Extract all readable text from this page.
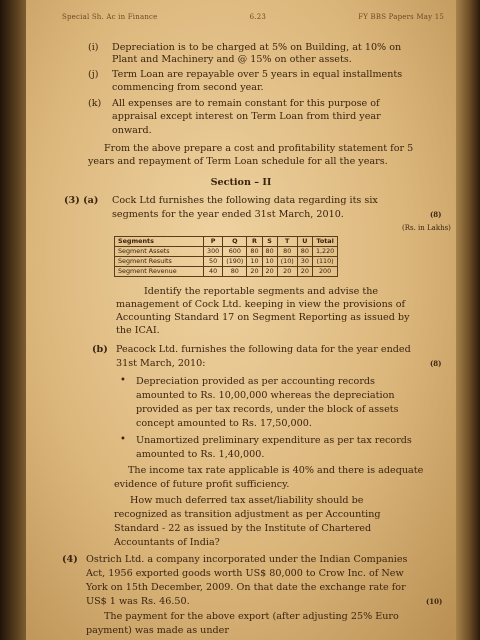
Special Sh. Ac in Finance	6.23	FY BBS Papers May 15
(i) Depreciation is to be charged at 5% on Building, at 10% on
Plant and Machinery and @ 15% on other assets.
(j) Term Loan are repayable over 5 years in equal installments
commencing from second year.
(k) All expenses are to remain constant for this purpose of
appraisal except interest on Term Loan from third year
onward.
From the above prepare a cost and profitability statement for 5
years and repayment of Term Loan schedule for all the years.
Section – II
(3) (a) Cock Ltd furnishes the following data regarding its six
segments for the year ended 31st March, 2010.	(8)
(Rs. in Lakhs)
Segments	P	Q	R	S	T	U	Total
Segment Assets	300	600	80	80	80	80	1,220
Segment Results	50	(190)	10	10	(10)	30	(110)
Segment Revenue	40	80	20	20	20	20	200
Identify the reportable segments and advise the
management of Cock Ltd. keeping in view the provisions of
Accounting Standard 17 on Segment Reporting as issued by
the ICAI.
(b) Peacock Ltd. furnishes the following data for the year ended
31st March, 2010:	(8)
• Depreciation provided as per accounting records
amounted to Rs. 10,00,000 whereas the depreciation
provided as per tax records, under the block of assets
concept amounted to Rs. 17,50,000.
• Unamortized preliminary expenditure as per tax records
amounted to Rs. 1,40,000.
The income tax rate applicable is 40% and there is adequate
evidence of future profit sufficiency.
How much deferred tax asset/liability should be
recognized as transition adjustment as per Accounting
Standard - 22 as issued by the Institute of Chartered
Accountants of India?
(4) Ostrich Ltd. a company incorporated under the Indian Companies
Act, 1956 exported goods worth US$ 80,000 to Crow Inc. of New
York on 15th December, 2009. On that date the exchange rate for
US$ 1 was Rs. 46.50.	(10)
The payment for the above export (after adjusting 25% Euro
payment) was made as under
